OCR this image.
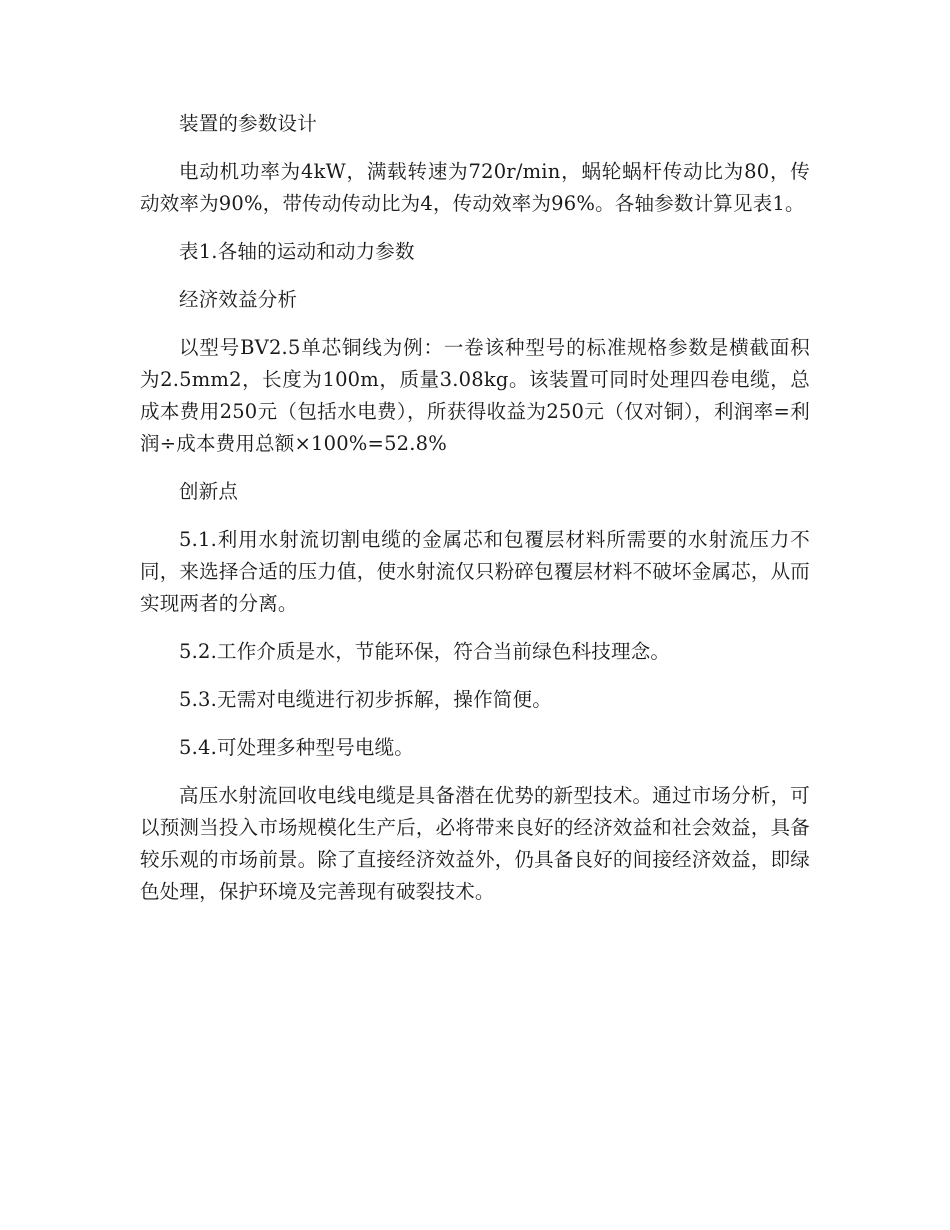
装置的参数设计

电动机功率为4kW，满载转速为720r/min，蜗轮蜗杆传动比为80，传动效率为90%，带传动传动比为4，传动效率为96%。各轴参数计算见表1。

表1.各轴的运动和动力参数

经济效益分析

以型号BV2.5单芯铜线为例：一卷该种型号的标准规格参数是横截面积为2.5mm2，长度为100m，质量3.08kg。该装置可同时处理四卷电缆，总成本费用250元（包括水电费），所获得收益为250元（仅对铜），利润率=利润÷成本费用总额×100%=52.8%

创新点

5.1.利用水射流切割电缆的金属芯和包覆层材料所需要的水射流压力不同，来选择合适的压力值，使水射流仅只粉碎包覆层材料不破坏金属芯，从而实现两者的分离。

5.2.工作介质是水，节能环保，符合当前绿色科技理念。

5.3.无需对电缆进行初步拆解，操作简便。

5.4.可处理多种型号电缆。

高压水射流回收电线电缆是具备潜在优势的新型技术。通过市场分析，可以预测当投入市场规模化生产后，必将带来良好的经济效益和社会效益，具备较乐观的市场前景。除了直接经济效益外，仍具备良好的间接经济效益，即绿色处理，保护环境及完善现有破裂技术。
